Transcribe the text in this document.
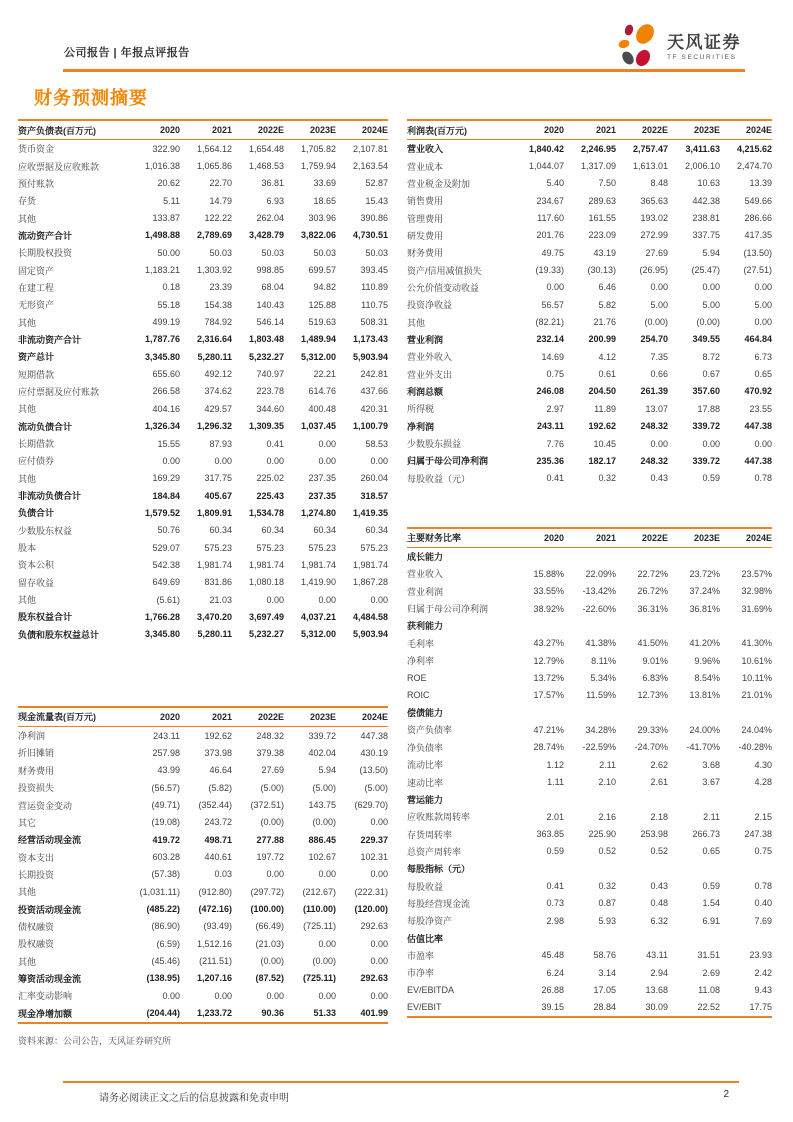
公司报告 | 年报点评报告
天风证券
TF SECURITIES
财务预测摘要
资产负债表(百万元)	2020	2021	2022E	2023E	2024E
货币资金	322.90	1,564.12	1,654.48	1,705.82	2,107.81
应收票据及应收账款	1,016.38	1,065.86	1,468.53	1,759.94	2,163.54
预付账款	20.62	22.70	36.81	33.69	52.87
存货	5.11	14.79	6.93	18.65	15.43
其他	133.87	122.22	262.04	303.96	390.86
流动资产合计	1,498.88	2,789.69	3,428.79	3,822.06	4,730.51
长期股权投资	50.00	50.03	50.03	50.03	50.03
固定资产	1,183.21	1,303.92	998.85	699.57	393.45
在建工程	0.18	23.39	68.04	94.82	110.89
无形资产	55.18	154.38	140.43	125.88	110.75
其他	499.19	784.92	546.14	519.63	508.31
非流动资产合计	1,787.76	2,316.64	1,803.48	1,489.94	1,173.43
资产总计	3,345.80	5,280.11	5,232.27	5,312.00	5,903.94
短期借款	655.60	492.12	740.97	22.21	242.81
应付票据及应付账款	266.58	374.62	223.78	614.76	437.66
其他	404.16	429.57	344.60	400.48	420.31
流动负债合计	1,326.34	1,296.32	1,309.35	1,037.45	1,100.79
长期借款	15.55	87.93	0.41	0.00	58.53
应付债券	0.00	0.00	0.00	0.00	0.00
其他	169.29	317.75	225.02	237.35	260.04
非流动负债合计	184.84	405.67	225.43	237.35	318.57
负债合计	1,579.52	1,809.91	1,534.78	1,274.80	1,419.35
少数股东权益	50.76	60.34	60.34	60.34	60.34
股本	529.07	575.23	575.23	575.23	575.23
资本公积	542.38	1,981.74	1,981.74	1,981.74	1,981.74
留存收益	649.69	831.86	1,080.18	1,419.90	1,867.28
其他	(5.61)	21.03	0.00	0.00	0.00
股东权益合计	1,766.28	3,470.20	3,697.49	4,037.21	4,484.58
负债和股东权益总计	3,345.80	5,280.11	5,232.27	5,312.00	5,903.94
现金流量表(百万元)	2020	2021	2022E	2023E	2024E
净利润	243.11	192.62	248.32	339.72	447.38
折旧摊销	257.98	373.98	379.38	402.04	430.19
财务费用	43.99	46.64	27.69	5.94	(13.50)
投资损失	(56.57)	(5.82)	(5.00)	(5.00)	(5.00)
营运资金变动	(49.71)	(352.44)	(372.51)	143.75	(629.70)
其它	(19.08)	243.72	(0.00)	(0.00)	0.00
经营活动现金流	419.72	498.71	277.88	886.45	229.37
资本支出	603.28	440.61	197.72	102.67	102.31
长期投资	(57.38)	0.03	0.00	0.00	0.00
其他	(1,031.11)	(912.80)	(297.72)	(212.67)	(222.31)
投资活动现金流	(485.22)	(472.16)	(100.00)	(110.00)	(120.00)
债权融资	(86.90)	(93.49)	(66.49)	(725.11)	292.63
股权融资	(6.59)	1,512.16	(21.03)	0.00	0.00
其他	(45.46)	(211.51)	(0.00)	(0.00)	0.00
筹资活动现金流	(138.95)	1,207.16	(87.52)	(725.11)	292.63
汇率变动影响	0.00	0.00	0.00	0.00	0.00
现金净增加额	(204.44)	1,233.72	90.36	51.33	401.99
资料来源：公司公告，天风证券研究所
利润表(百万元)	2020	2021	2022E	2023E	2024E
营业收入	1,840.42	2,246.95	2,757.47	3,411.63	4,215.62
营业成本	1,044.07	1,317.09	1,613.01	2,006.10	2,474.70
营业税金及附加	5.40	7.50	8.48	10.63	13.39
销售费用	234.67	289.63	365.63	442.38	549.66
管理费用	117.60	161.55	193.02	238.81	286.66
研发费用	201.76	223.09	272.99	337.75	417.35
财务费用	49.75	43.19	27.69	5.94	(13.50)
资产/信用减值损失	(19.33)	(30.13)	(26.95)	(25.47)	(27.51)
公允价值变动收益	0.00	6.46	0.00	0.00	0.00
投资净收益	56.57	5.82	5.00	5.00	5.00
其他	(82.21)	21.76	(0.00)	(0.00)	0.00
营业利润	232.14	200.99	254.70	349.55	464.84
营业外收入	14.69	4.12	7.35	8.72	6.73
营业外支出	0.75	0.61	0.66	0.67	0.65
利润总额	246.08	204.50	261.39	357.60	470.92
所得税	2.97	11.89	13.07	17.88	23.55
净利润	243.11	192.62	248.32	339.72	447.38
少数股东损益	7.76	10.45	0.00	0.00	0.00
归属于母公司净利润	235.36	182.17	248.32	339.72	447.38
每股收益（元）	0.41	0.32	0.43	0.59	0.78
主要财务比率	2020	2021	2022E	2023E	2024E
成长能力
营业收入	15.88%	22.09%	22.72%	23.72%	23.57%
营业利润	33.55%	-13.42%	26.72%	37.24%	32.98%
归属于母公司净利润	38.92%	-22.60%	36.31%	36.81%	31.69%
获利能力
毛利率	43.27%	41.38%	41.50%	41.20%	41.30%
净利率	12.79%	8.11%	9.01%	9.96%	10.61%
ROE	13.72%	5.34%	6.83%	8.54%	10.11%
ROIC	17.57%	11.59%	12.73%	13.81%	21.01%
偿债能力
资产负债率	47.21%	34.28%	29.33%	24.00%	24.04%
净负债率	28.74%	-22.59%	-24.70%	-41.70%	-40.28%
流动比率	1.12	2.11	2.62	3.68	4.30
速动比率	1.11	2.10	2.61	3.67	4.28
营运能力
应收账款周转率	2.01	2.16	2.18	2.11	2.15
存货周转率	363.85	225.90	253.98	266.73	247.38
总资产周转率	0.59	0.52	0.52	0.65	0.75
每股指标（元）
每股收益	0.41	0.32	0.43	0.59	0.78
每股经营现金流	0.73	0.87	0.48	1.54	0.40
每股净资产	2.98	5.93	6.32	6.91	7.69
估值比率
市盈率	45.48	58.76	43.11	31.51	23.93
市净率	6.24	3.14	2.94	2.69	2.42
EV/EBITDA	26.88	17.05	13.68	11.08	9.43
EV/EBIT	39.15	28.84	30.09	22.52	17.75
请务必阅读正文之后的信息披露和免责申明	2
